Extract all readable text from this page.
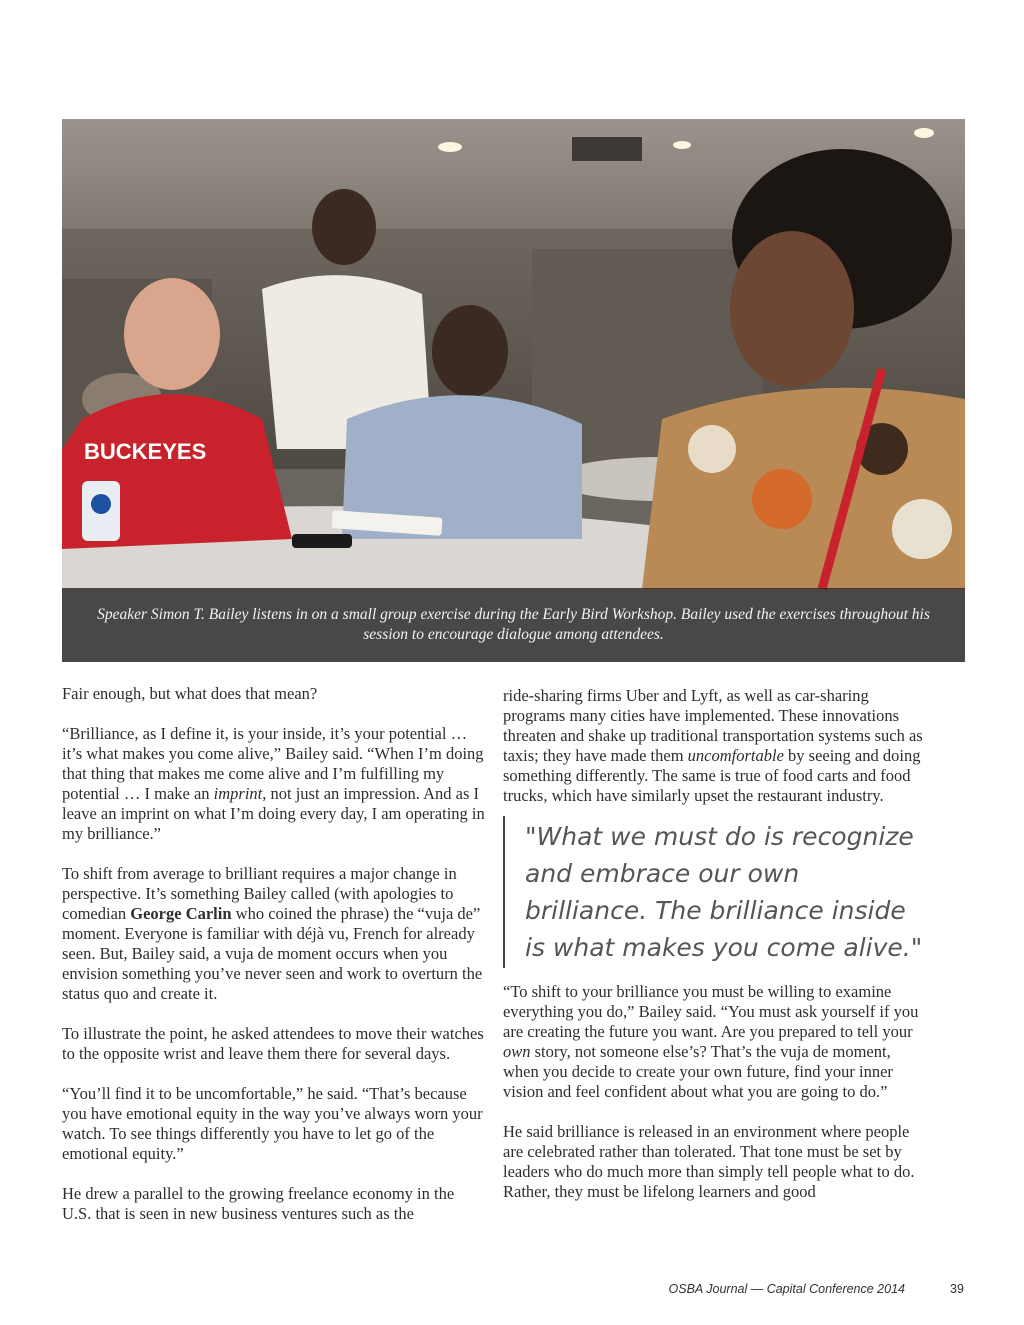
BUCKEYES

Speaker Simon T. Bailey listens in on a small group exercise during the Early Bird Workshop. Bailey used the exercises throughout his session to encourage dialogue among attendees.

Fair enough, but what does that mean?

“Brilliance, as I define it, is your inside, it’s your potential … it’s what makes you come alive,” Bailey said. “When I’m doing that thing that makes me come alive and I’m fulfilling my potential … I make an imprint, not just an impression. And as I leave an imprint on what I’m doing every day, I am operating in my brilliance.”

To shift from average to brilliant requires a major change in perspective. It’s something Bailey called (with apologies to comedian George Carlin who coined the phrase) the “vuja de” moment. Everyone is familiar with déjà vu, French for already seen. But, Bailey said, a vuja de moment occurs when you envision something you’ve never seen and work to overturn the status quo and create it.

To illustrate the point, he asked attendees to move their watches to the opposite wrist and leave them there for several days.

“You’ll find it to be uncomfortable,” he said. “That’s because you have emotional equity in the way you’ve always worn your watch. To see things differently you have to let go of the emotional equity.”

He drew a parallel to the growing freelance economy in the U.S. that is seen in new business ventures such as the

ride-sharing firms Uber and Lyft, as well as car-sharing programs many cities have implemented. These innovations threaten and shake up traditional transportation systems such as taxis; they have made them uncomfortable by seeing and doing something differently. The same is true of food carts and food trucks, which have similarly upset the restaurant industry.

"What we must do is recognize and embrace our own brilliance. The brilliance inside is what makes you come alive."

“To shift to your brilliance you must be willing to examine everything you do,” Bailey said. “You must ask yourself if you are creating the future you want. Are you prepared to tell your own story, not someone else’s? That’s the vuja de moment, when you decide to create your own future, find your inner vision and feel confident about what you are going to do.”

He said brilliance is released in an environment where people are celebrated rather than tolerated. That tone must be set by leaders who do much more than simply tell people what to do. Rather, they must be lifelong learners and good

OSBA Journal — Capital Conference 2014	39
